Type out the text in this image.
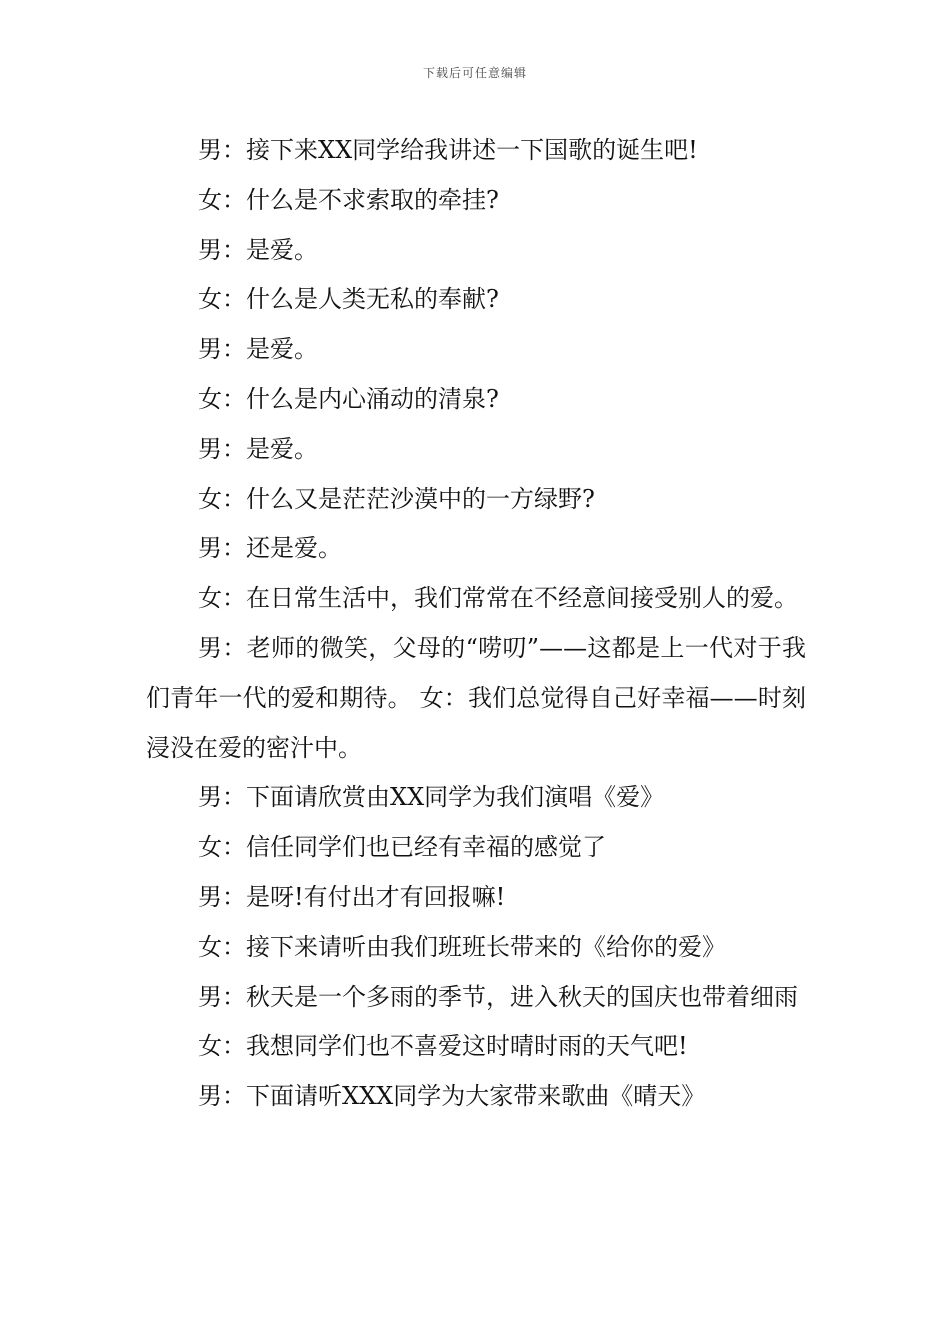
下载后可任意编辑

男：接下来XX同学给我讲述一下国歌的诞生吧!

女：什么是不求索取的牵挂?

男：是爱。

女：什么是人类无私的奉献?

男：是爱。

女：什么是内心涌动的清泉?

男：是爱。

女：什么又是茫茫沙漠中的一方绿野?

男：还是爱。

女：在日常生活中，我们常常在不经意间接受别人的爱。

男：老师的微笑，父母的“唠叨”——这都是上一代对于我们青年一代的爱和期待。 女：我们总觉得自己好幸福——时刻浸没在爱的密汁中。

男：下面请欣赏由XX同学为我们演唱《爱》

女：信任同学们也已经有幸福的感觉了

男：是呀!有付出才有回报嘛!

女：接下来请听由我们班班长带来的《给你的爱》

男：秋天是一个多雨的季节，进入秋天的国庆也带着细雨

女：我想同学们也不喜爱这时晴时雨的天气吧!

男：下面请听XXX同学为大家带来歌曲《晴天》
